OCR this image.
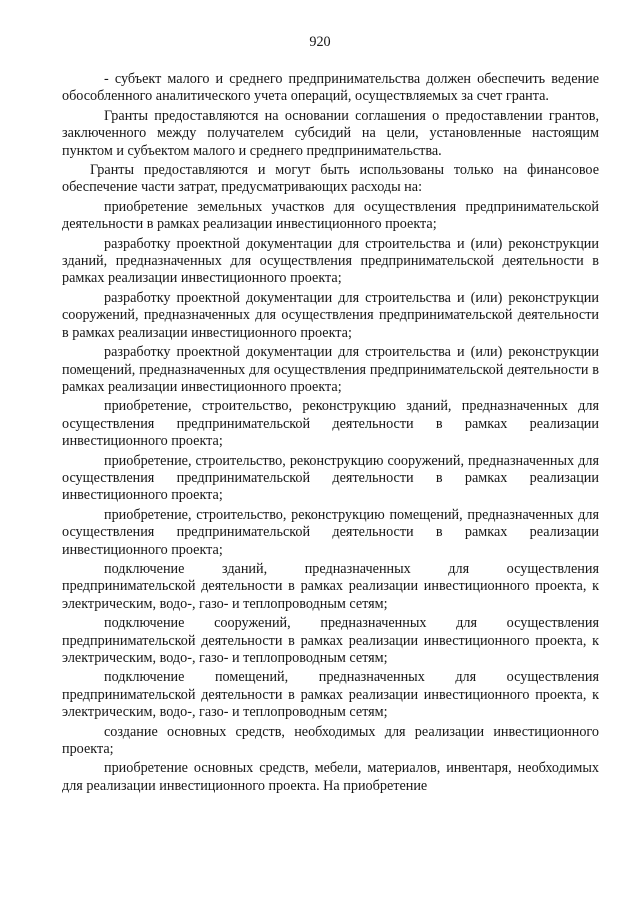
920

- субъект малого и среднего предпринимательства должен обеспечить ведение обособленного аналитического учета операций, осуществляемых за счет гранта.

Гранты предоставляются на основании соглашения о предоставлении грантов, заключенного между получателем субсидий на цели, установленные настоящим пунктом и субъектом малого и среднего предпринимательства.

Гранты предоставляются и могут быть использованы только на финансовое обеспечение части затрат, предусматривающих расходы на:

приобретение земельных участков для осуществления предпринимательской деятельности в рамках реализации инвестиционного проекта;

разработку проектной документации для строительства и (или) реконструкции зданий, предназначенных для осуществления предпринимательской деятельности в рамках реализации инвестиционного проекта;

разработку проектной документации для строительства и (или) реконструкции сооружений, предназначенных для осуществления предпринимательской деятельности в рамках реализации инвестиционного проекта;

разработку проектной документации для строительства и (или) реконструкции помещений, предназначенных для осуществления предпринимательской деятельности в рамках реализации инвестиционного проекта;

приобретение, строительство, реконструкцию зданий, предназначенных для осуществления предпринимательской деятельности в рамках реализации инвестиционного проекта;

приобретение, строительство, реконструкцию сооружений, предназначенных для осуществления предпринимательской деятельности в рамках реализации инвестиционного проекта;

приобретение, строительство, реконструкцию помещений, предназначенных для осуществления предпринимательской деятельности в рамках реализации инвестиционного проекта;

подключение зданий, предназначенных для осуществления предпринимательской деятельности в рамках реализации инвестиционного проекта, к электрическим, водо-, газо- и теплопроводным сетям;

подключение сооружений, предназначенных для осуществления предпринимательской деятельности в рамках реализации инвестиционного проекта, к электрическим, водо-, газо- и теплопроводным сетям;

подключение помещений, предназначенных для осуществления предпринимательской деятельности в рамках реализации инвестиционного проекта, к электрическим, водо-, газо- и теплопроводным сетям;

создание основных средств, необходимых для реализации инвестиционного проекта;

приобретение основных средств, мебели, материалов, инвентаря, необходимых для реализации инвестиционного проекта. На приобретение
